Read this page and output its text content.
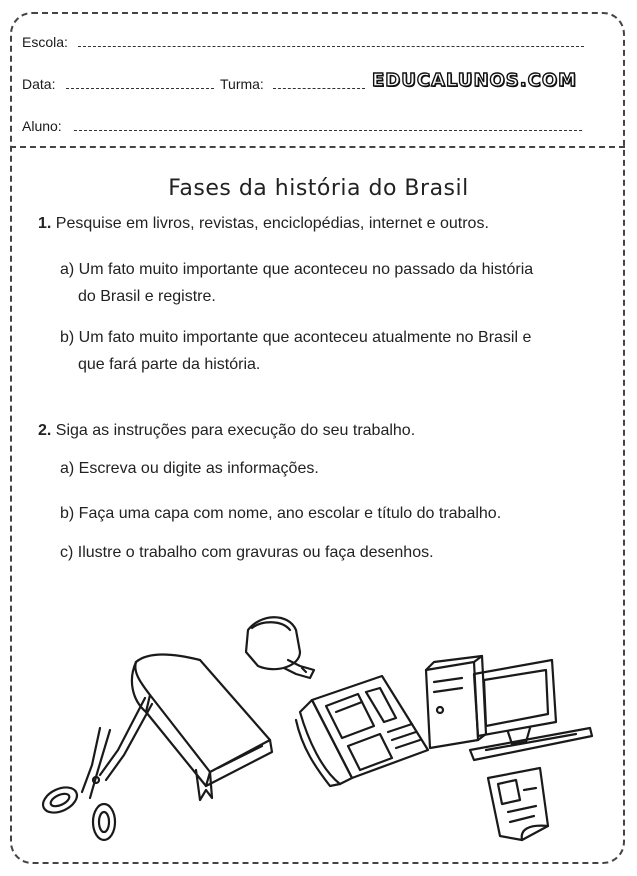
Escola:
Data:	Turma:	EDUCALUNOS.COM
Aluno:
Fases da história do Brasil
1. Pesquise em livros, revistas, enciclopédias, internet e outros.
a) Um fato muito importante que aconteceu no passado da história
do Brasil e registre.
b) Um fato muito importante que aconteceu atualmente no Brasil e
que fará parte da história.
2. Siga as instruções para execução do seu trabalho.
a) Escreva ou digite as informações.
b) Faça uma capa com nome, ano escolar e título do trabalho.
c) Ilustre o trabalho com gravuras ou faça desenhos.
